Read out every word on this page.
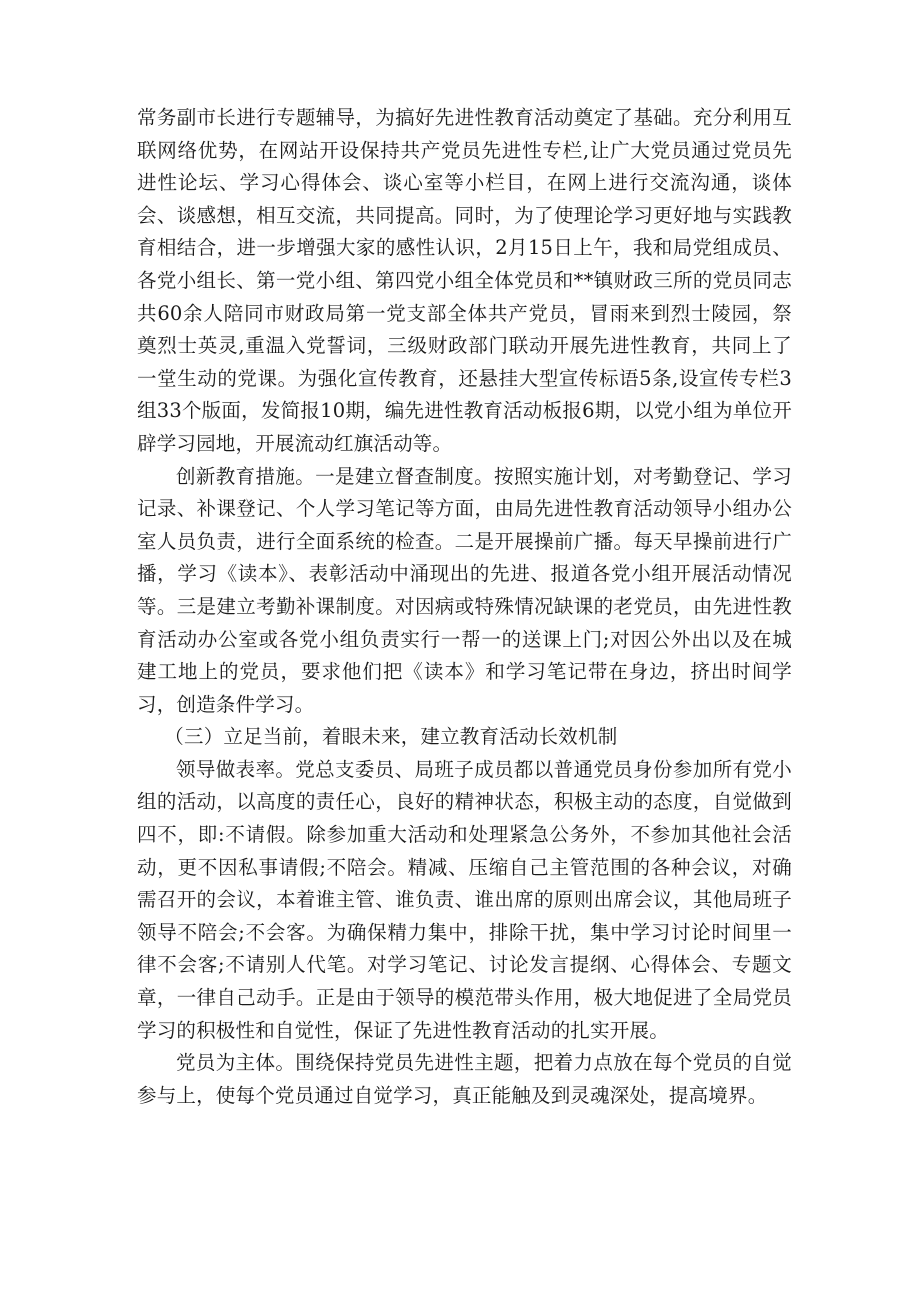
常务副市长进行专题辅导，为搞好先进性教育活动奠定了基础。充分利用互联网络优势，在网站开设保持共产党员先进性专栏,让广大党员通过党员先进性论坛、学习心得体会、谈心室等小栏目，在网上进行交流沟通，谈体会、谈感想，相互交流，共同提高。同时，为了使理论学习更好地与实践教育相结合，进一步增强大家的感性认识，2月15日上午，我和局党组成员、各党小组长、第一党小组、第四党小组全体党员和**镇财政三所的党员同志共60余人陪同市财政局第一党支部全体共产党员，冒雨来到烈士陵园，祭奠烈士英灵,重温入党誓词，三级财政部门联动开展先进性教育，共同上了一堂生动的党课。为强化宣传教育，还悬挂大型宣传标语5条,设宣传专栏3组33个版面，发简报10期，编先进性教育活动板报6期，以党小组为单位开辟学习园地，开展流动红旗活动等。

创新教育措施。一是建立督查制度。按照实施计划，对考勤登记、学习记录、补课登记、个人学习笔记等方面，由局先进性教育活动领导小组办公室人员负责，进行全面系统的检查。二是开展操前广播。每天早操前进行广播，学习《读本》、表彰活动中涌现出的先进、报道各党小组开展活动情况等。三是建立考勤补课制度。对因病或特殊情况缺课的老党员，由先进性教育活动办公室或各党小组负责实行一帮一的送课上门;对因公外出以及在城建工地上的党员，要求他们把《读本》和学习笔记带在身边，挤出时间学习，创造条件学习。

（三）立足当前，着眼未来，建立教育活动长效机制

领导做表率。党总支委员、局班子成员都以普通党员身份参加所有党小组的活动，以高度的责任心，良好的精神状态，积极主动的态度，自觉做到四不，即:不请假。除参加重大活动和处理紧急公务外，不参加其他社会活动，更不因私事请假;不陪会。精减、压缩自己主管范围的各种会议，对确需召开的会议，本着谁主管、谁负责、谁出席的原则出席会议，其他局班子领导不陪会;不会客。为确保精力集中，排除干扰，集中学习讨论时间里一律不会客;不请别人代笔。对学习笔记、讨论发言提纲、心得体会、专题文章，一律自己动手。正是由于领导的模范带头作用，极大地促进了全局党员学习的积极性和自觉性，保证了先进性教育活动的扎实开展。

党员为主体。围绕保持党员先进性主题，把着力点放在每个党员的自觉参与上，使每个党员通过自觉学习，真正能触及到灵魂深处，提高境界。
